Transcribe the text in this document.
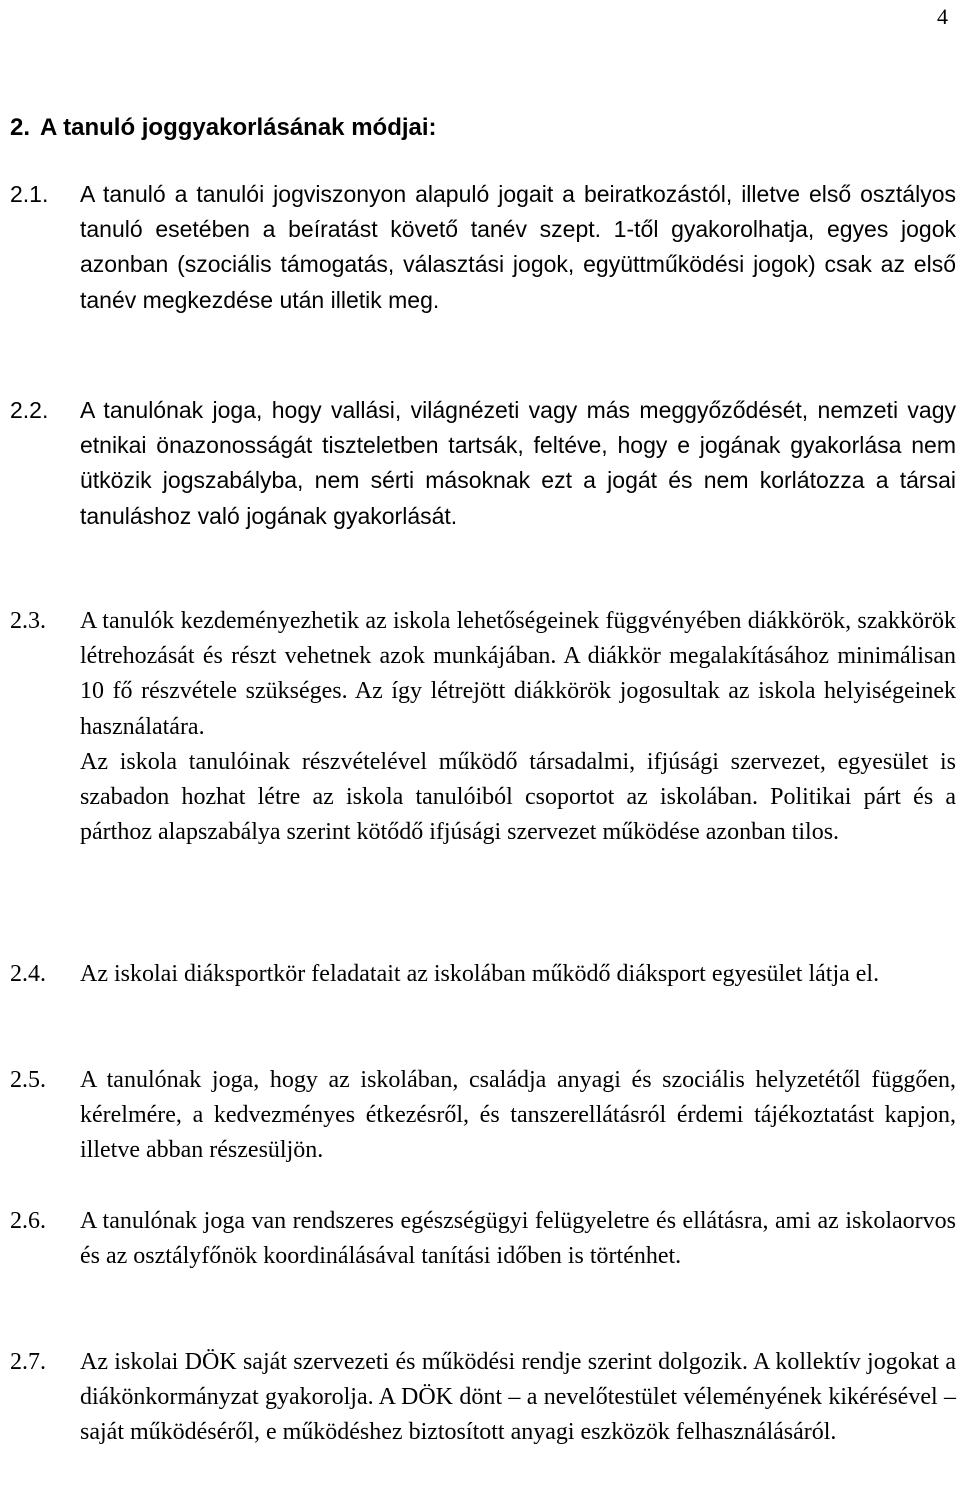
4
2. A tanuló joggyakorlásának módjai:
2.1. A tanuló a tanulói jogviszonyon alapuló jogait a beiratkozástól, illetve első osztályos tanuló esetében a beíratást követő tanév szept. 1-től gyakorolhatja, egyes jogok azonban (szociális támogatás, választási jogok, együttműködési jogok) csak az első tanév megkezdése után illetik meg.

2.2. A tanulónak joga, hogy vallási, világnézeti vagy más meggyőződését, nemzeti vagy etnikai önazonosságát tiszteletben tartsák, feltéve, hogy e jogának gyakorlása nem ütközik jogszabályba, nem sérti másoknak ezt a jogát és nem korlátozza a társai tanuláshoz való jogának gyakorlását.

2.3. A tanulók kezdeményezhetik az iskola lehetőségeinek függvényében diákkörök, szakkörök létrehozását és részt vehetnek azok munkájában. A diákkör megalakításához minimálisan 10 fő részvétele szükséges. Az így létrejött diákkörök jogosultak az iskola helyiségeinek használatára.

Az iskola tanulóinak részvételével működő társadalmi, ifjúsági szervezet, egyesület is szabadon hozhat létre az iskola tanulóiból csoportot az iskolában. Politikai párt és a párthoz alapszabálya szerint kötődő ifjúsági szervezet működése azonban tilos.

2.4. Az iskolai diáksportkör feladatait az iskolában működő diáksport egyesület látja el.

2.5. A tanulónak joga, hogy az iskolában, családja anyagi és szociális helyzetétől függően, kérelmére, a kedvezményes étkezésről, és tanszerellátásról érdemi tájékoztatást kapjon, illetve abban részesüljön.

2.6. A tanulónak joga van rendszeres egészségügyi felügyeletre és ellátásra, ami az iskolaorvos és az osztályfőnök koordinálásával tanítási időben is történhet.

2.7. Az iskolai DÖK saját szervezeti és működési rendje szerint dolgozik. A kollektív jogokat a diákönkormányzat gyakorolja. A DÖK dönt – a nevelőtestület véleményének kikérésével – saját működéséről, e működéshez biztosított anyagi eszközök felhasználásáról.
